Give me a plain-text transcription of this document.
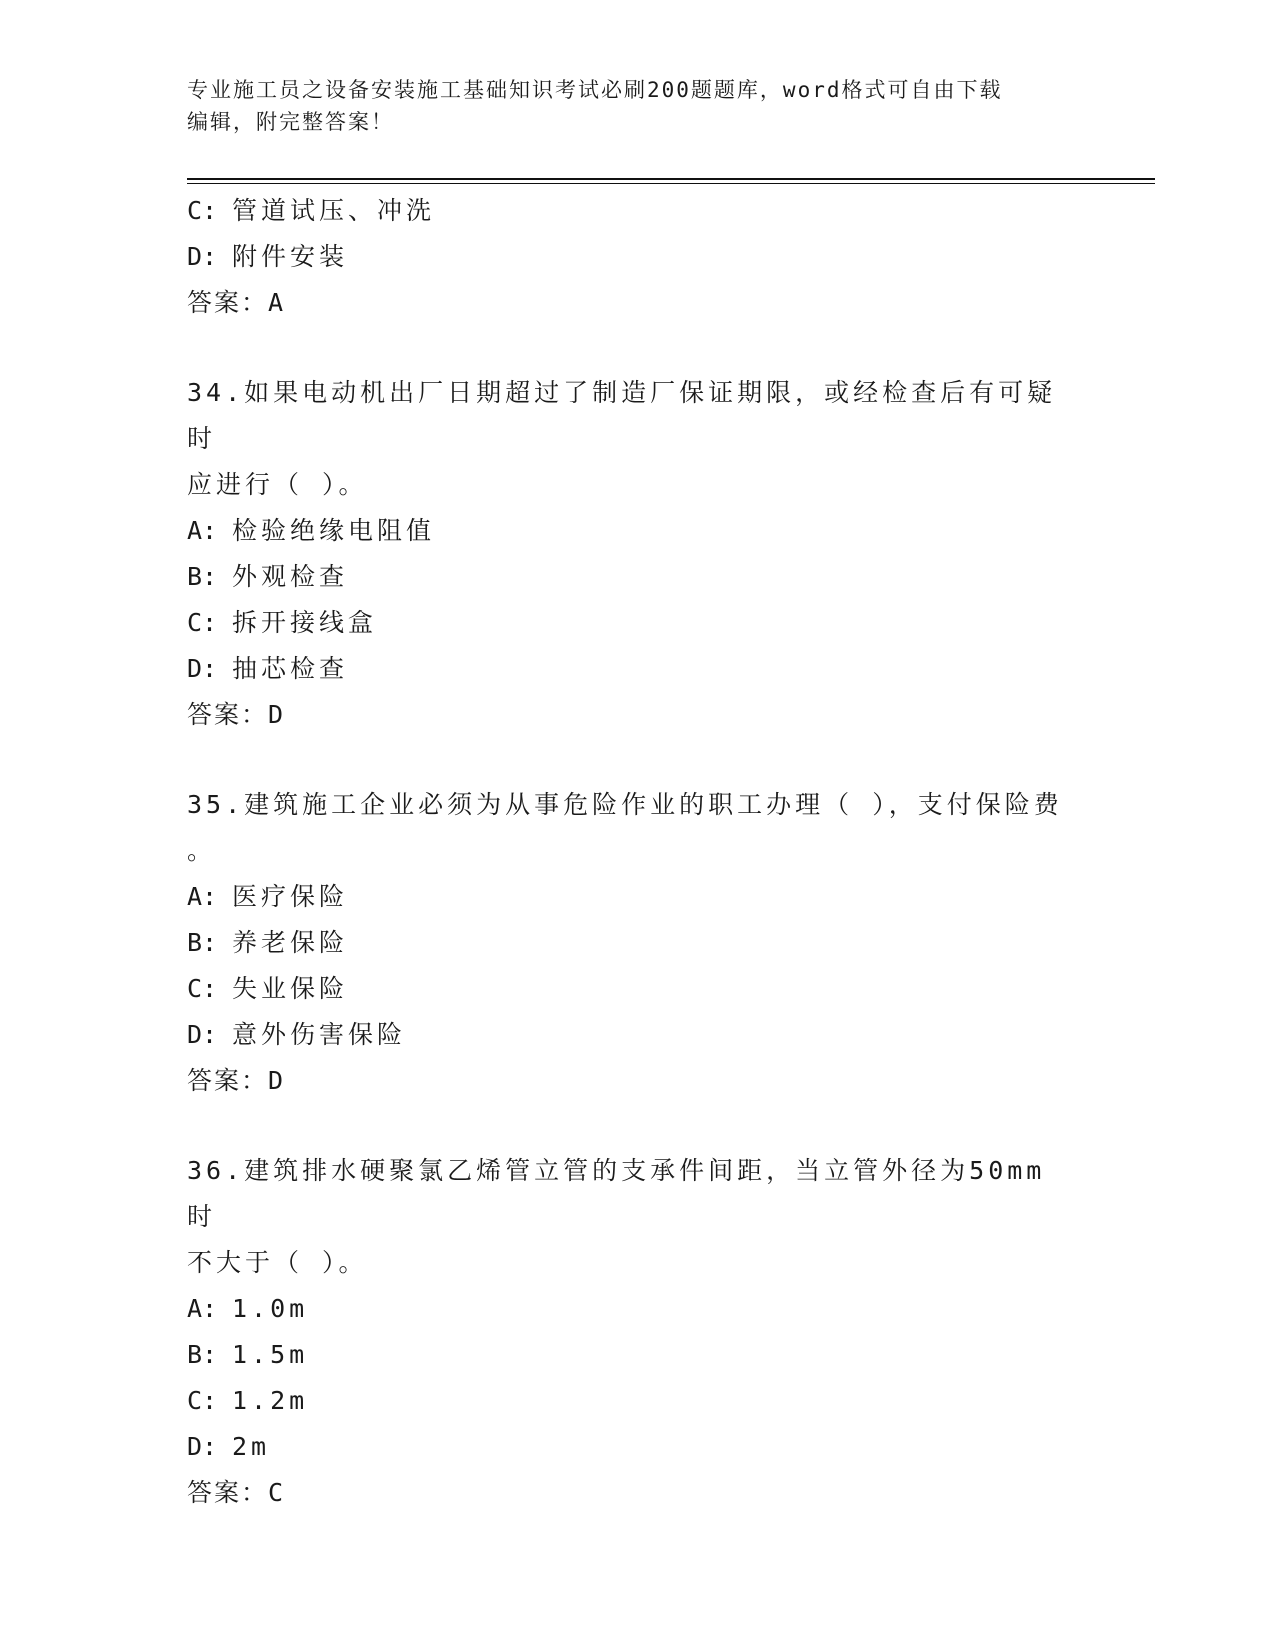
专业施工员之设备安装施工基础知识考试必刷200题题库，word格式可自由下载
编辑，附完整答案！
C: 管道试压、冲洗
D: 附件安装
答案：A
34.如果电动机出厂日期超过了制造厂保证期限，或经检查后有可疑时
应进行（ ）。
A: 检验绝缘电阻值
B: 外观检查
C: 拆开接线盒
D: 抽芯检查
答案：D
35.建筑施工企业必须为从事危险作业的职工办理（ ），支付保险费
。
A: 医疗保险
B: 养老保险
C: 失业保险
D: 意外伤害保险
答案：D
36.建筑排水硬聚氯乙烯管立管的支承件间距，当立管外径为50mm时
不大于（ ）。
A: 1.0m
B: 1.5m
C: 1.2m
D: 2m
答案：C
